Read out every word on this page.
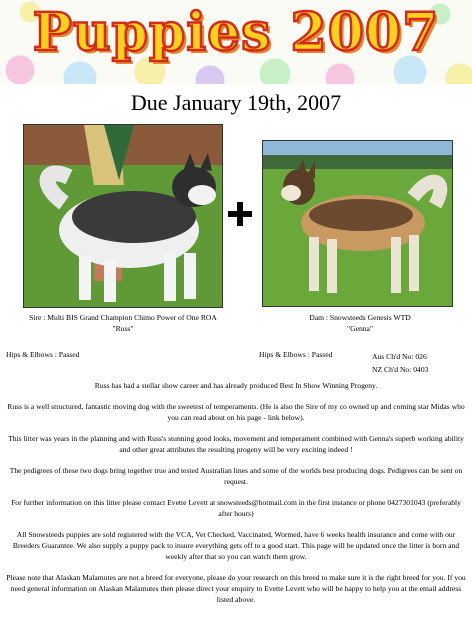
Puppies 2007
Due January 19th, 2007
Sire : Multi BIS Grand Champion Chimo Power of One ROA
"Russ"
Dam : Snowsteeds Genesis WTD
"Genna"
Hips & Elbows : Passed	Hips & Elbows : Passed	Aus Ch'd No: 026
NZ Ch'd No: 0403

Russ has had a stellar show career and has already produced Best In Show Winning Progeny.

Russ is a well structured, fantastic moving dog with the sweetest of temperaments. (He is also the Sire of my co owned up and coming star Midas who you can read about on his page - link below).

This litter was years in the planning and with Russ's stunning good looks, movement and temperament combined with Genna's superb working ability and other great attributes the resulting progeny will be very exciting indeed !

The pedigrees of these two dogs bring together true and tested Australian lines and some of the worlds best producing dogs. Pedigrees can be sent on request.

For further information on this litter please contact Evette Levett at snowsteeds@hotmail.com in the first instance or phone 0427301043 (preferably after hours)

All Snowsteeds puppies are sold registered with the VCA, Vet Checked, Vaccinated, Wormed, have 6 weeks health insurance and come with our Breeders Guarantee. We also supply a puppy pack to insure everything gets off to a good start. This page will be updated once the litter is born and weekly after that so you can watch them grow.

Please note that Alaskan Malamutes are not a breed for everyone, please do your research on this breed to make sure it is the right breed for you. If you need general information on Alaskan Malamutes then please direct your enquiry to Evette Levett who will be happy to help you at the email address listed above.
